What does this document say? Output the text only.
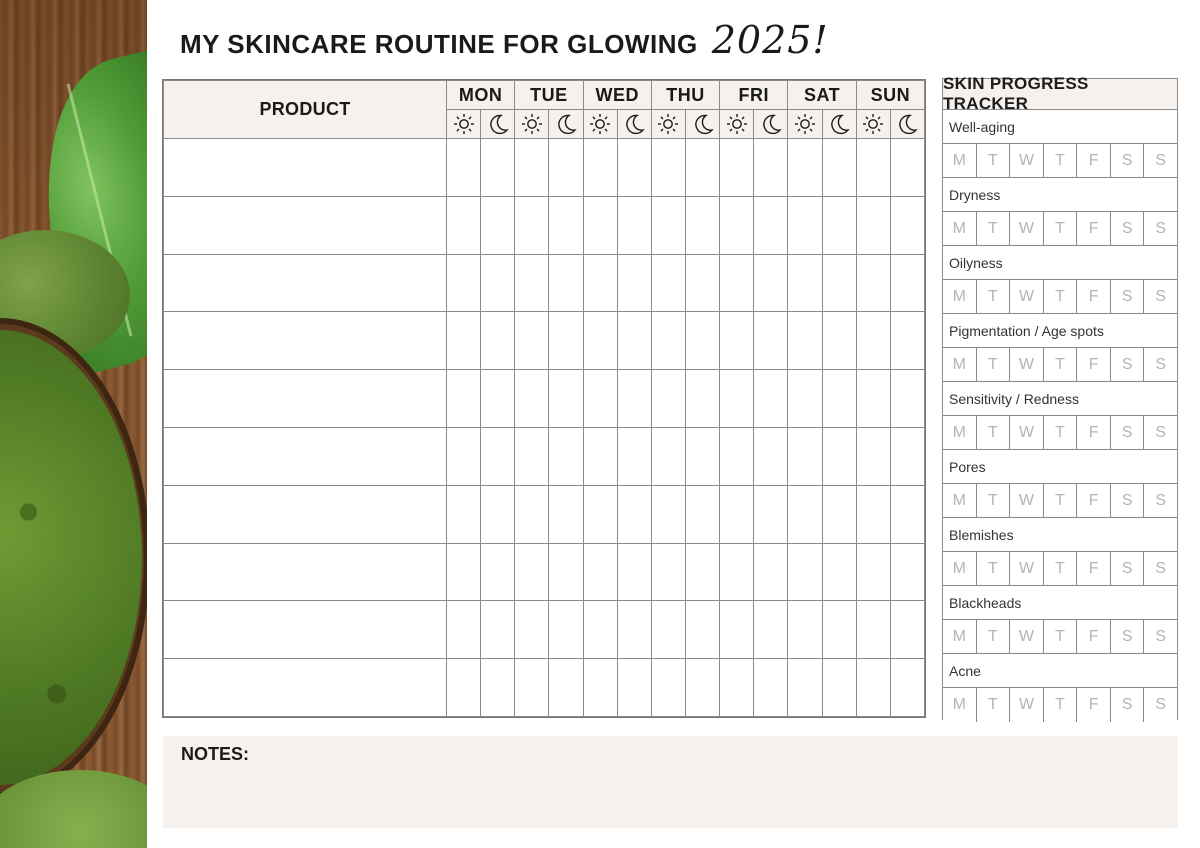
MY SKINCARE ROUTINE FOR GLOWING 2025!
PRODUCT	MON		TUE		WED		THU		FRI		SAT		SUN	

SKIN PROGRESS TRACKER
Well-aging
M	T	W	T	F	S	S
Dryness
M	T	W	T	F	S	S
Oilyness
M	T	W	T	F	S	S
Pigmentation / Age spots
M	T	W	T	F	S	S
Sensitivity / Redness
M	T	W	T	F	S	S
Pores
M	T	W	T	F	S	S
Blemishes
M	T	W	T	F	S	S
Blackheads
M	T	W	T	F	S	S
Acne
M	T	W	T	F	S	S
NOTES:
